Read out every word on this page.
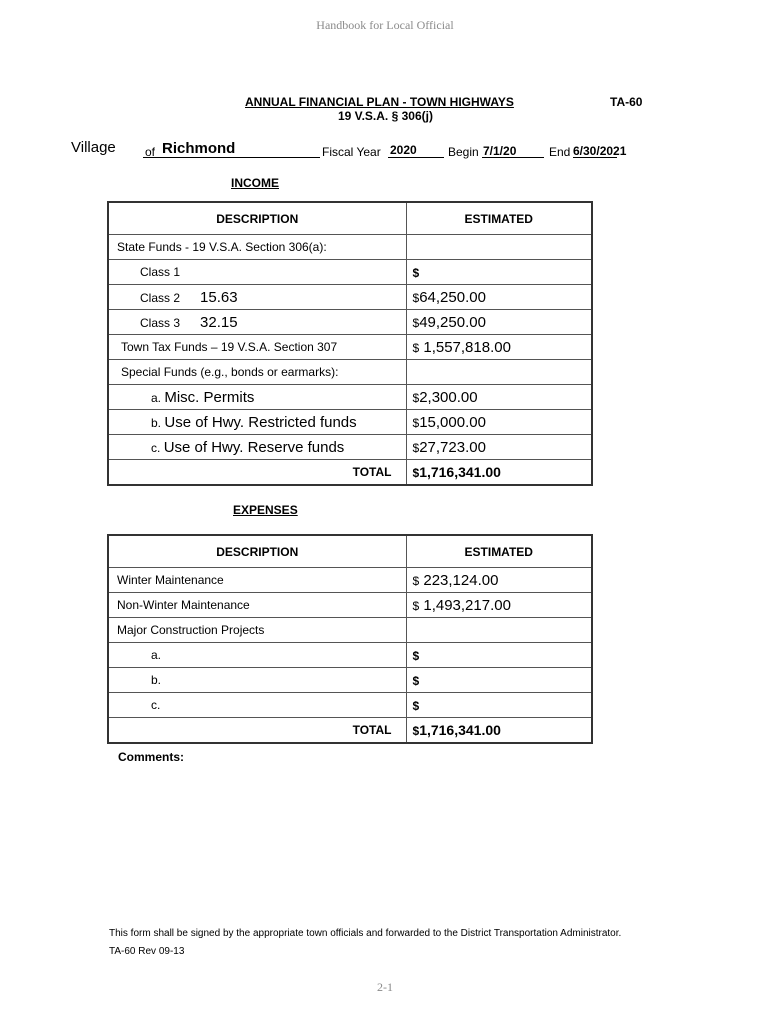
Handbook for Local Official
ANNUAL FINANCIAL PLAN - TOWN HIGHWAYS
19 V.S.A. § 306(j)
TA-60
Village of Richmond	Fiscal Year 2020	Begin 7/1/20	End 6/30/2021
INCOME
DESCRIPTION	ESTIMATED
State Funds - 19 V.S.A. Section 306(a):	
Class 1	$
Class 2 15.63	$64,250.00
Class 3 32.15	$49,250.00
Town Tax Funds – 19 V.S.A. Section 307	$ 1,557,818.00
Special Funds (e.g., bonds or earmarks):	
a. Misc. Permits	$2,300.00
b. Use of Hwy. Restricted funds	$15,000.00
c. Use of Hwy. Reserve funds	$27,723.00
TOTAL	$1,716,341.00
EXPENSES
DESCRIPTION	ESTIMATED
Winter Maintenance	$ 223,124.00
Non-Winter Maintenance	$ 1,493,217.00
Major Construction Projects	
a.	$
b.	$
c.	$
TOTAL	$1,716,341.00
Comments:
This form shall be signed by the appropriate town officials and forwarded to the District Transportation Administrator.
TA-60 Rev 09-13
2-1
